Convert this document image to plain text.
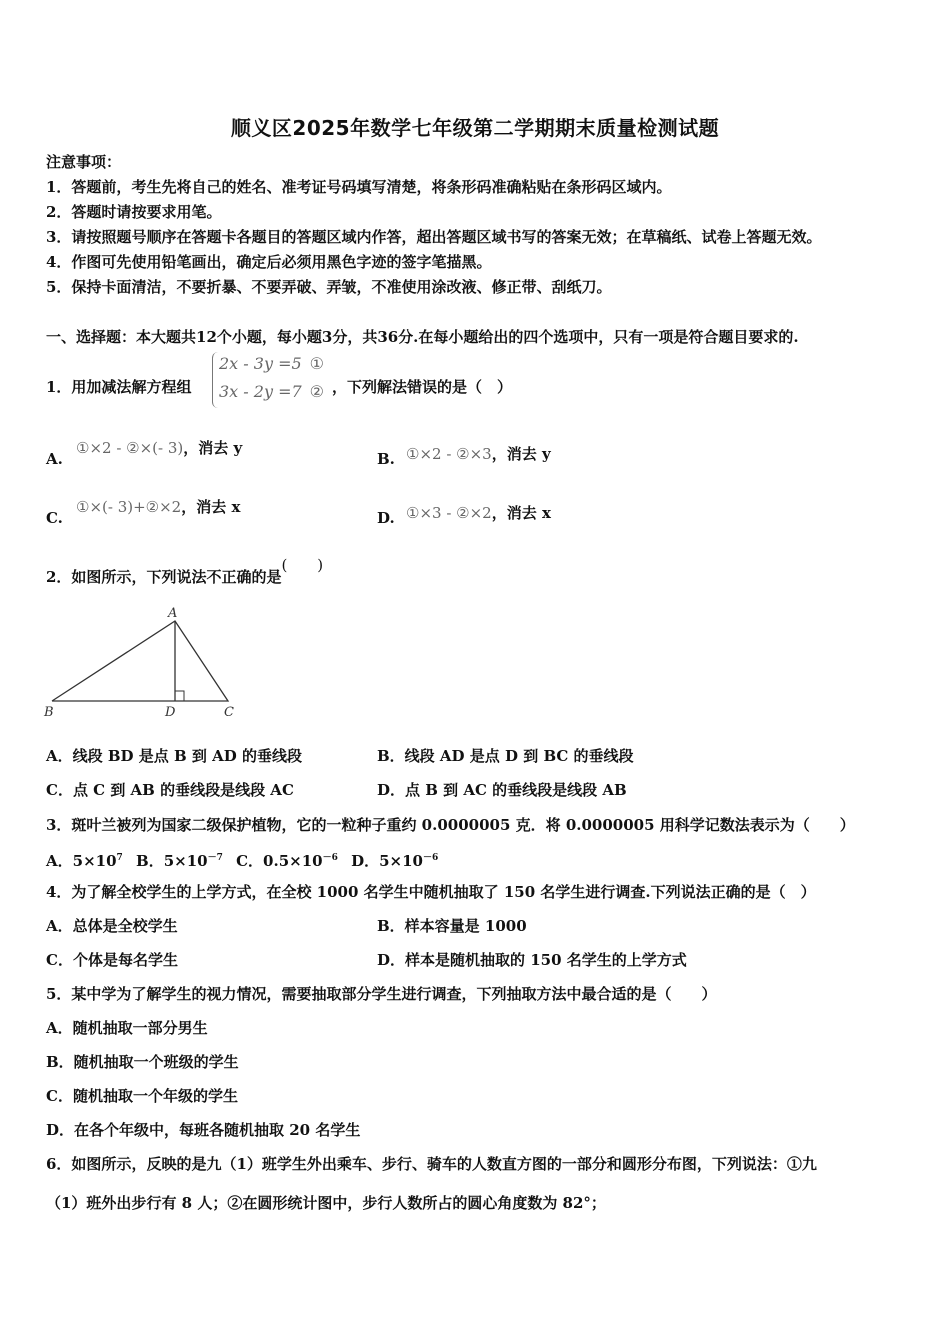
顺义区2025年数学七年级第二学期期末质量检测试题
注意事项：
1．答题前，考生先将自己的姓名、准考证号码填写清楚，将条形码准确粘贴在条形码区域内。
2．答题时请按要求用笔。
3．请按照题号顺序在答题卡各题目的答题区域内作答，超出答题区域书写的答案无效；在草稿纸、试卷上答题无效。
4．作图可先使用铅笔画出，确定后必须用黑色字迹的签字笔描黑。
5．保持卡面清洁，不要折暴、不要弄破、弄皱，不准使用涂改液、修正带、刮纸刀。
一、选择题：本大题共12个小题，每小题3分，共36分.在每小题给出的四个选项中，只有一项是符合题目要求的.
1．用加减法解方程组
2x - 3y =5 ①
3x - 2y =7 ② ，下列解法错误的是（　）
A.
①×2 - ②×(- 3)，消去 y
B. ①×2 - ②×3，消去 y
C.
①×(- 3)+②×2，消去 x
D. ①×3 - ②×2，消去 x
2．如图所示，下列说法不正确的是(　　)
A
B	D	C
A．线段 BD 是点 B 到 AD 的垂线段	B．线段 AD 是点 D 到 BC 的垂线段
C．点 C 到 AB 的垂线段是线段 AC	D．点 B 到 AC 的垂线段是线段 AB
3．斑叶兰被列为国家二级保护植物，它的一粒种子重约 0.0000005 克．将 0.0000005 用科学记数法表示为（　　）
A．$5\times 10^7$ B．$5\times 10^{-7}$ C．$0.5\times 10^{-6}$ D．$5\times 10^{-6}$
4．为了解全校学生的上学方式，在全校 1000 名学生中随机抽取了 150 名学生进行调查.下列说法正确的是（　）
A．总体是全校学生	B．样本容量是 1000
C．个体是每名学生	D．样本是随机抽取的 150 名学生的上学方式
5．某中学为了解学生的视力情况，需要抽取部分学生进行调查，下列抽取方法中最合适的是（　　）
A．随机抽取一部分男生
B．随机抽取一个班级的学生
C．随机抽取一个年级的学生
D．在各个年级中，每班各随机抽取 20 名学生
6．如图所示，反映的是九（1）班学生外出乘车、步行、骑车的人数直方图的一部分和圆形分布图，下列说法：①九
（1）班外出步行有 8 人；②在圆形统计图中，步行人数所占的圆心角度数为 82°；
